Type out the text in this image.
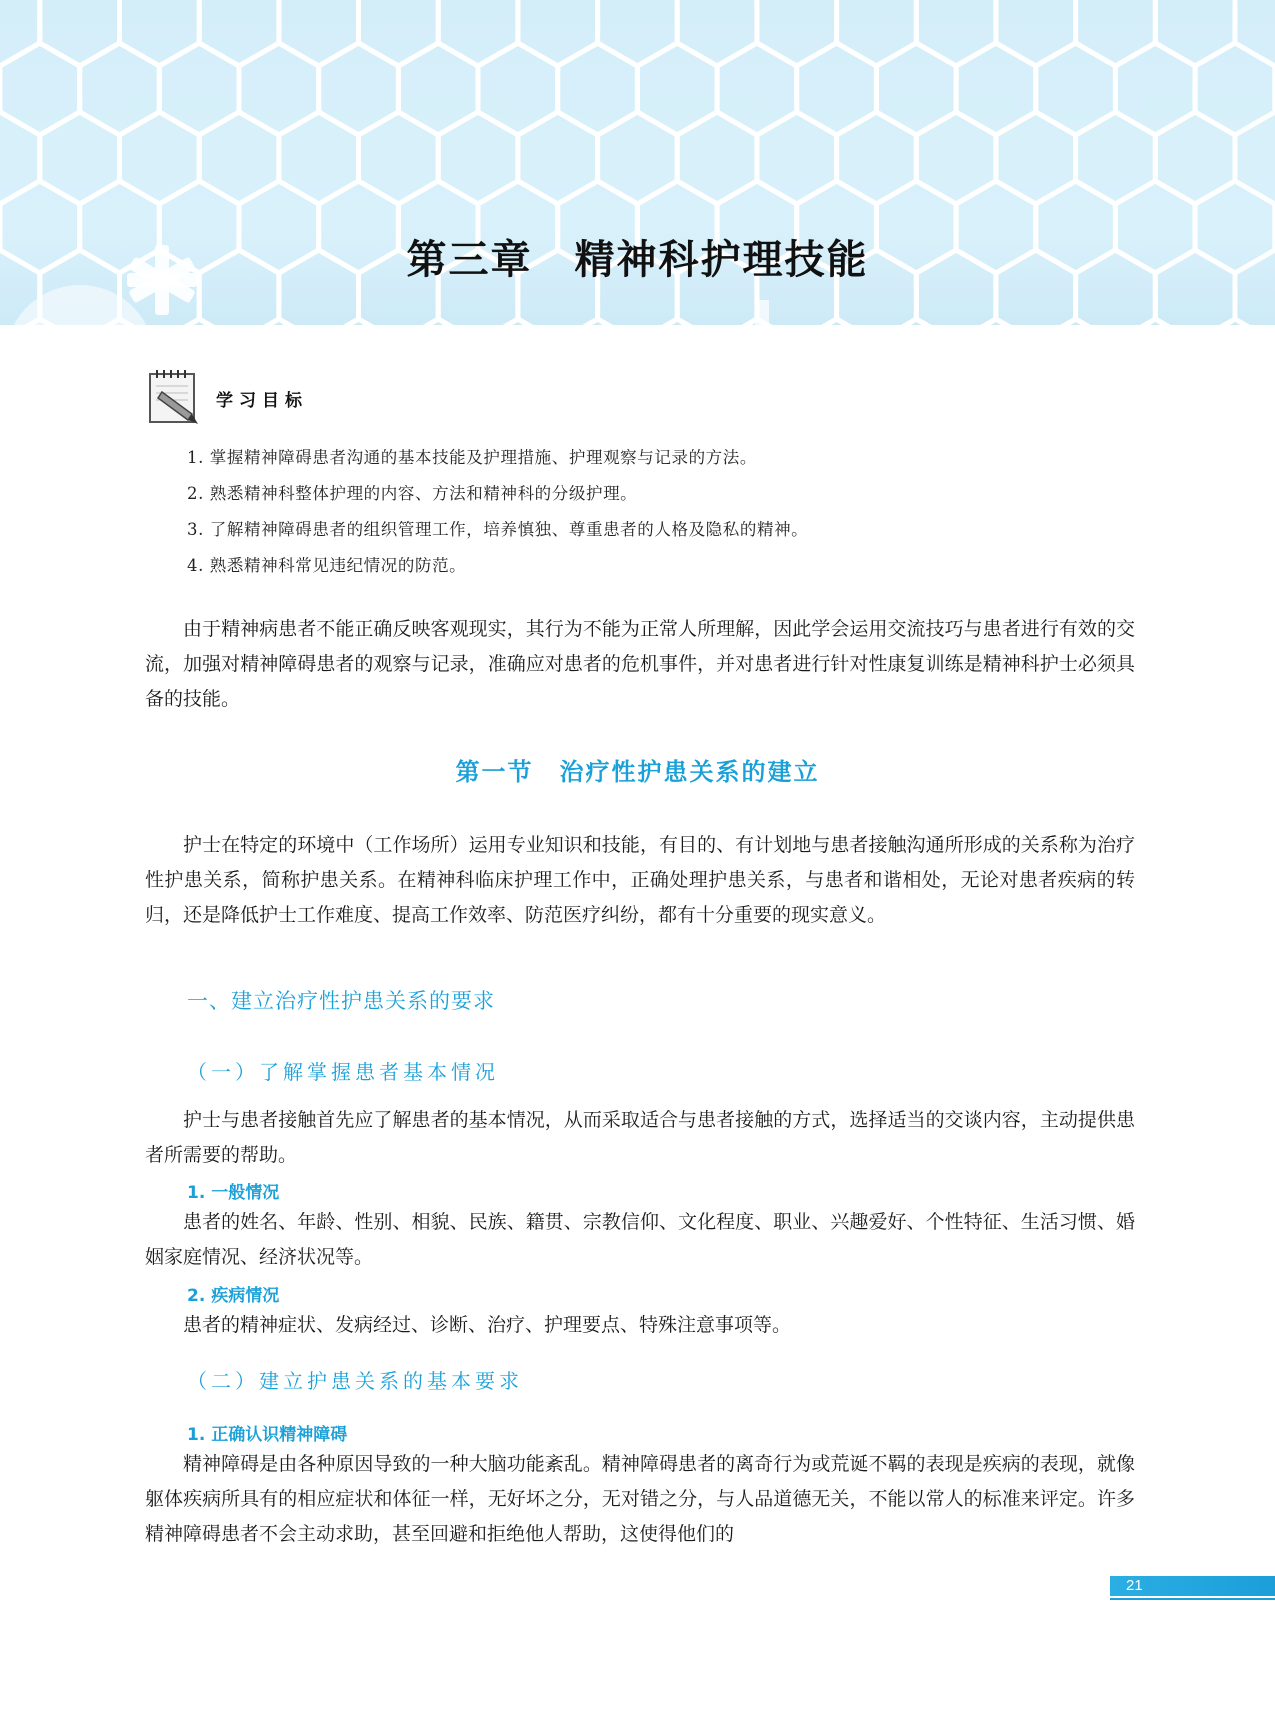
第三章　精神科护理技能
学习目标
1. 掌握精神障碍患者沟通的基本技能及护理措施、护理观察与记录的方法。
2. 熟悉精神科整体护理的内容、方法和精神科的分级护理。
3. 了解精神障碍患者的组织管理工作，培养慎独、尊重患者的人格及隐私的精神。
4. 熟悉精神科常见违纪情况的防范。

由于精神病患者不能正确反映客观现实，其行为不能为正常人所理解，因此学会运用交流技巧与患者进行有效的交流，加强对精神障碍患者的观察与记录，准确应对患者的危机事件，并对患者进行针对性康复训练是精神科护士必须具备的技能。

第一节　治疗性护患关系的建立

护士在特定的环境中（工作场所）运用专业知识和技能，有目的、有计划地与患者接触沟通所形成的关系称为治疗性护患关系，简称护患关系。在精神科临床护理工作中，正确处理护患关系，与患者和谐相处，无论对患者疾病的转归，还是降低护士工作难度、提高工作效率、防范医疗纠纷，都有十分重要的现实意义。

一、建立治疗性护患关系的要求
（一）了解掌握患者基本情况

护士与患者接触首先应了解患者的基本情况，从而采取适合与患者接触的方式，选择适当的交谈内容，主动提供患者所需要的帮助。

1. 一般情况

患者的姓名、年龄、性别、相貌、民族、籍贯、宗教信仰、文化程度、职业、兴趣爱好、个性特征、生活习惯、婚姻家庭情况、经济状况等。

2. 疾病情况

患者的精神症状、发病经过、诊断、治疗、护理要点、特殊注意事项等。

（二）建立护患关系的基本要求
1. 正确认识精神障碍

精神障碍是由各种原因导致的一种大脑功能紊乱。精神障碍患者的离奇行为或荒诞不羁的表现是疾病的表现，就像躯体疾病所具有的相应症状和体征一样，无好坏之分，无对错之分，与人品道德无关，不能以常人的标准来评定。许多精神障碍患者不会主动求助，甚至回避和拒绝他人帮助，这使得他们的

21
